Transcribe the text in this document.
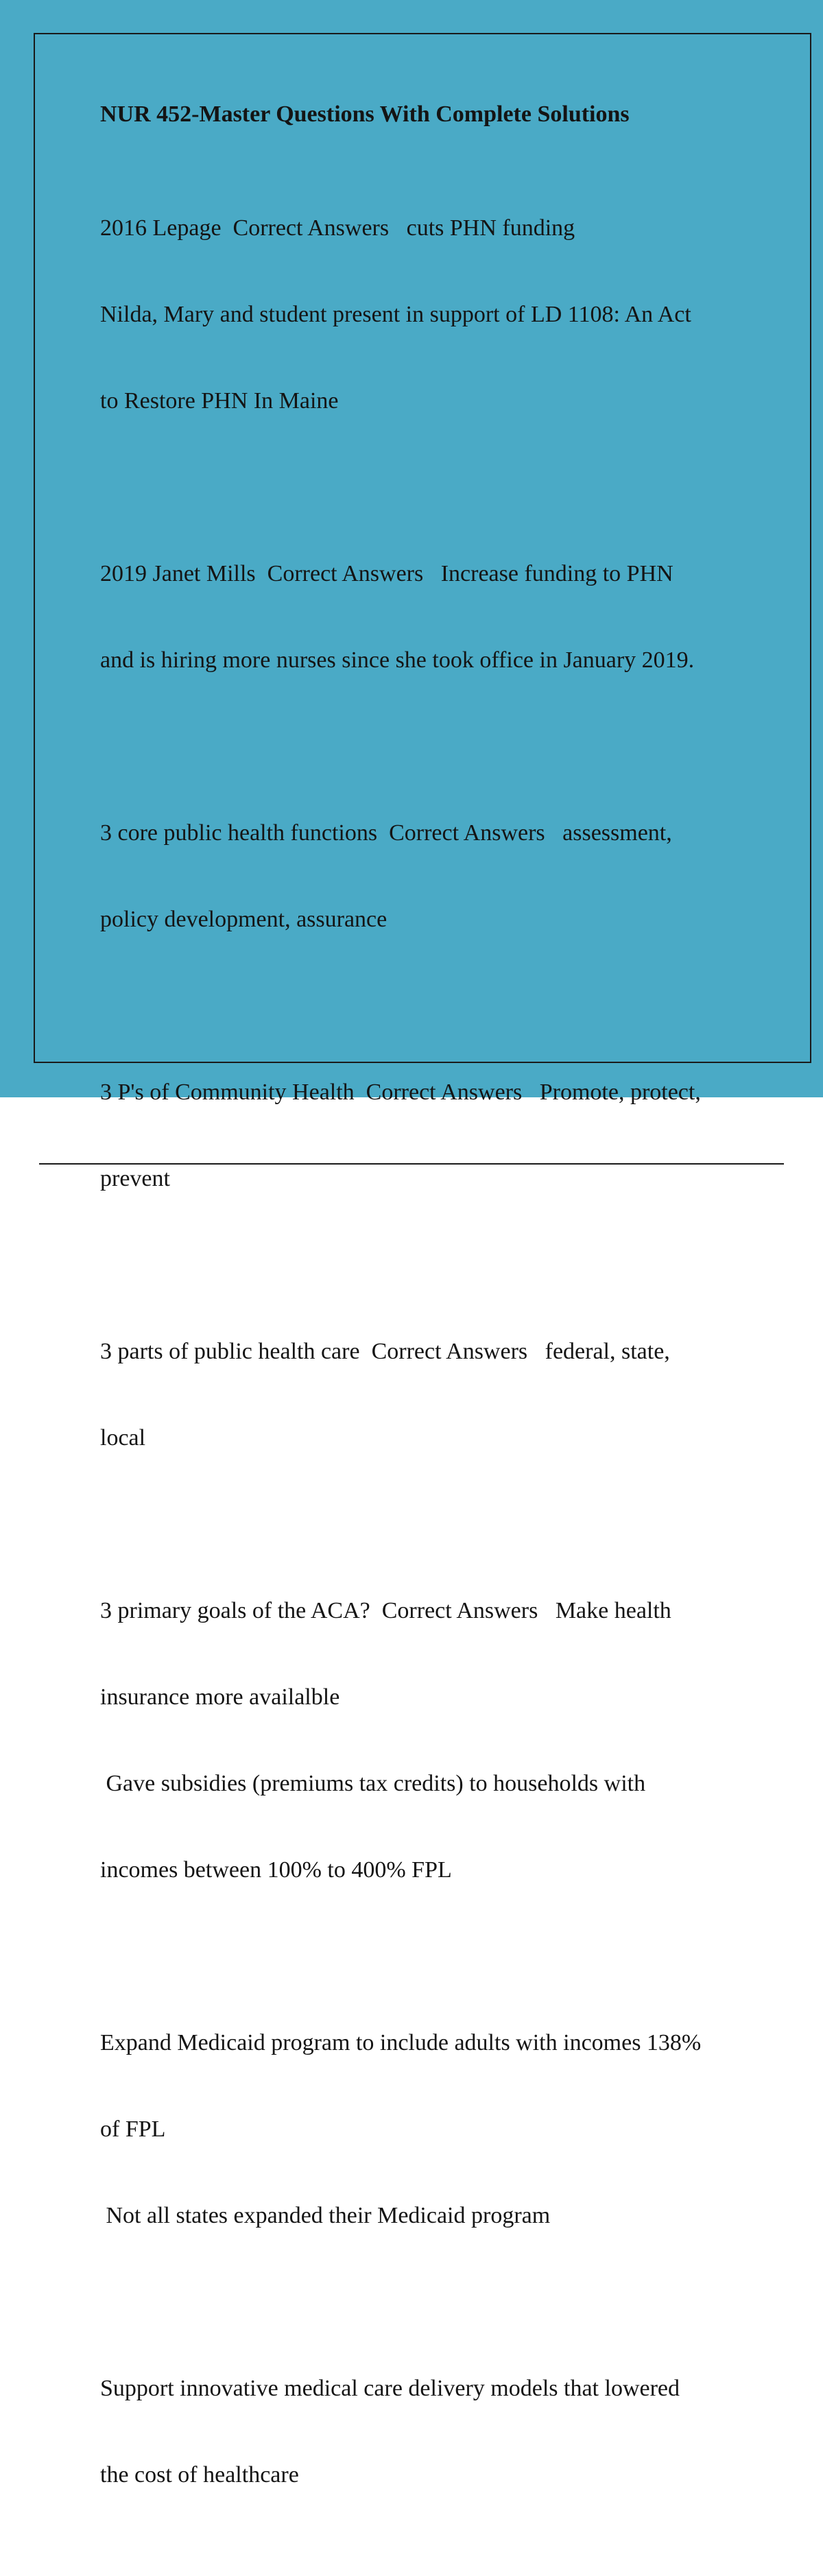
NUR 452-Master Questions With Complete Solutions

2016 Lepage  Correct Answers   cuts PHN funding

Nilda, Mary and student present in support of LD 1108: An Act

to Restore PHN In Maine

2019 Janet Mills  Correct Answers   Increase funding to PHN

and is hiring more nurses since she took office in January 2019.

3 core public health functions  Correct Answers   assessment,

policy development, assurance

3 P's of Community Health  Correct Answers   Promote, protect,

prevent

3 parts of public health care  Correct Answers   federal, state,

local

3 primary goals of the ACA?  Correct Answers   Make health

insurance more availalble

Gave subsidies (premiums tax credits) to households with

incomes between 100% to 400% FPL

Expand Medicaid program to include adults with incomes 138%

of FPL

Not all states expanded their Medicaid program

Support innovative medical care delivery models that lowered

the cost of healthcare
